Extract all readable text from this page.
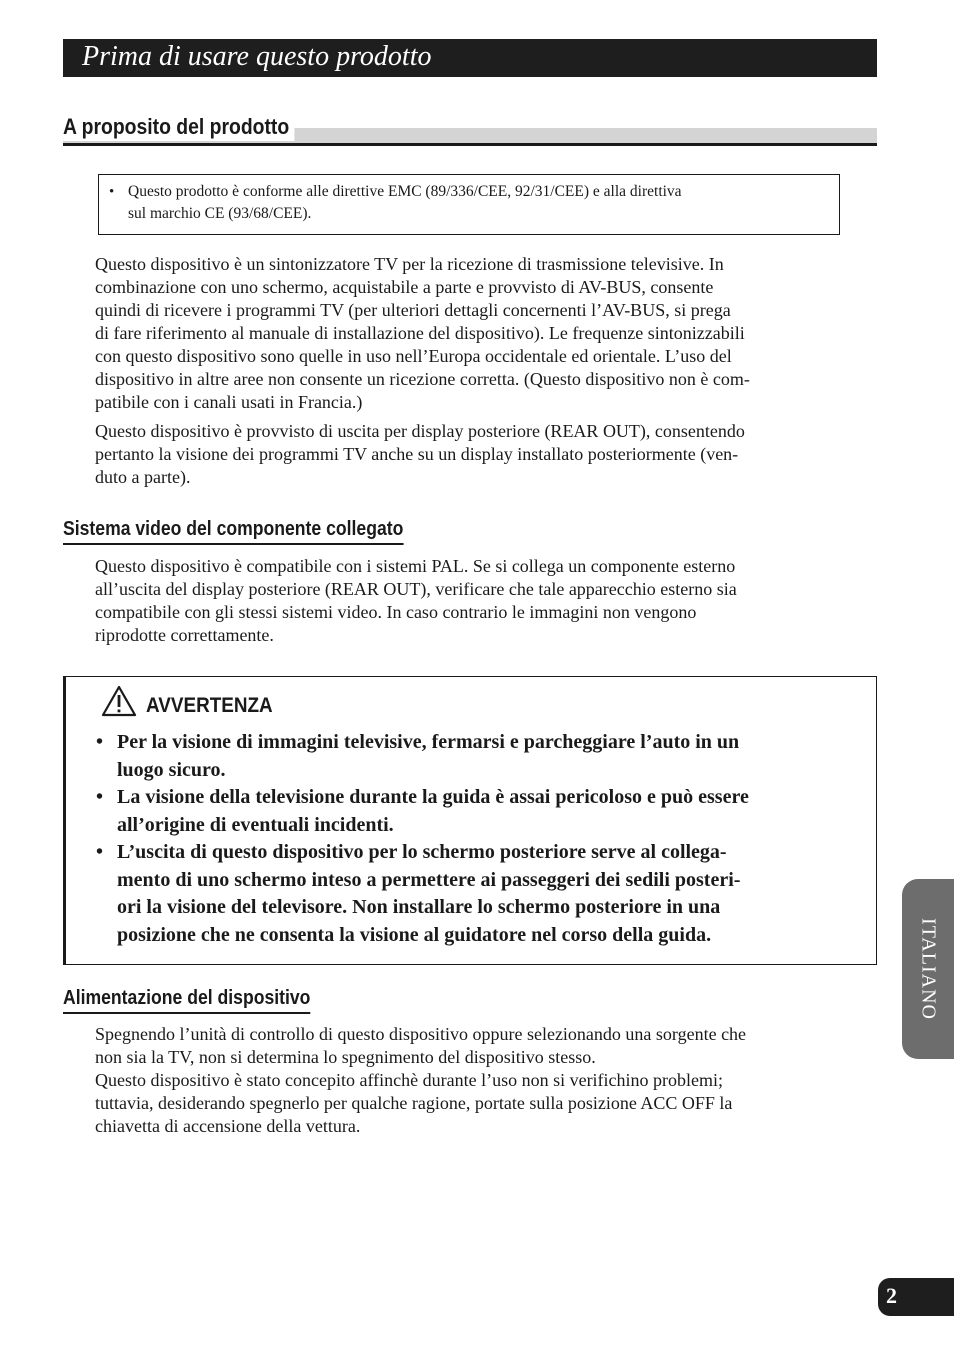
Prima di usare questo prodotto
A proposito del prodotto
• Questo prodotto è conforme alle direttive EMC (89/336/CEE, 92/31/CEE) e alla direttiva
sul marchio CE (93/68/CEE).
Questo dispositivo è un sintonizzatore TV per la ricezione di trasmissione televisive. In
combinazione con uno schermo, acquistabile a parte e provvisto di AV-BUS, consente
quindi di ricevere i programmi TV (per ulteriori dettagli concernenti l’AV-BUS, si prega
di fare riferimento al manuale di installazione del dispositivo). Le frequenze sintonizzabili
con questo dispositivo sono quelle in uso nell’Europa occidentale ed orientale. L’uso del
dispositivo in altre aree non consente un ricezione corretta. (Questo dispositivo non è com-
patibile con i canali usati in Francia.)
Questo dispositivo è provvisto di uscita per display posteriore (REAR OUT), consentendo
pertanto la visione dei programmi TV anche su un display installato posteriormente (ven-
duto a parte).
Sistema video del componente collegato
Questo dispositivo è compatibile con i sistemi PAL. Se si collega un componente esterno
all’uscita del display posteriore (REAR OUT), verificare che tale apparecchio esterno sia
compatibile con gli stessi sistemi video. In caso contrario le immagini non vengono
riprodotte correttamente.
AVVERTENZA
• Per la visione di immagini televisive, fermarsi e parcheggiare l’auto in un
luogo sicuro.
• La visione della televisione durante la guida è assai pericoloso e può essere
all’origine di eventuali incidenti.
• L’uscita di questo dispositivo per lo schermo posteriore serve al collega-
mento di uno schermo inteso a permettere ai passeggeri dei sedili posteri-
ori la visione del televisore. Non installare lo schermo posteriore in una
posizione che ne consenta la visione al guidatore nel corso della guida.
Alimentazione del dispositivo
Spegnendo l’unità di controllo di questo dispositivo oppure selezionando una sorgente che
non sia la TV, non si determina lo spegnimento del dispositivo stesso.
Questo dispositivo è stato concepito affinchè durante l’uso non si verifichino problemi;
tuttavia, desiderando spegnerlo per qualche ragione, portate sulla posizione ACC OFF la
chiavetta di accensione della vettura.
ITALIANO
2
